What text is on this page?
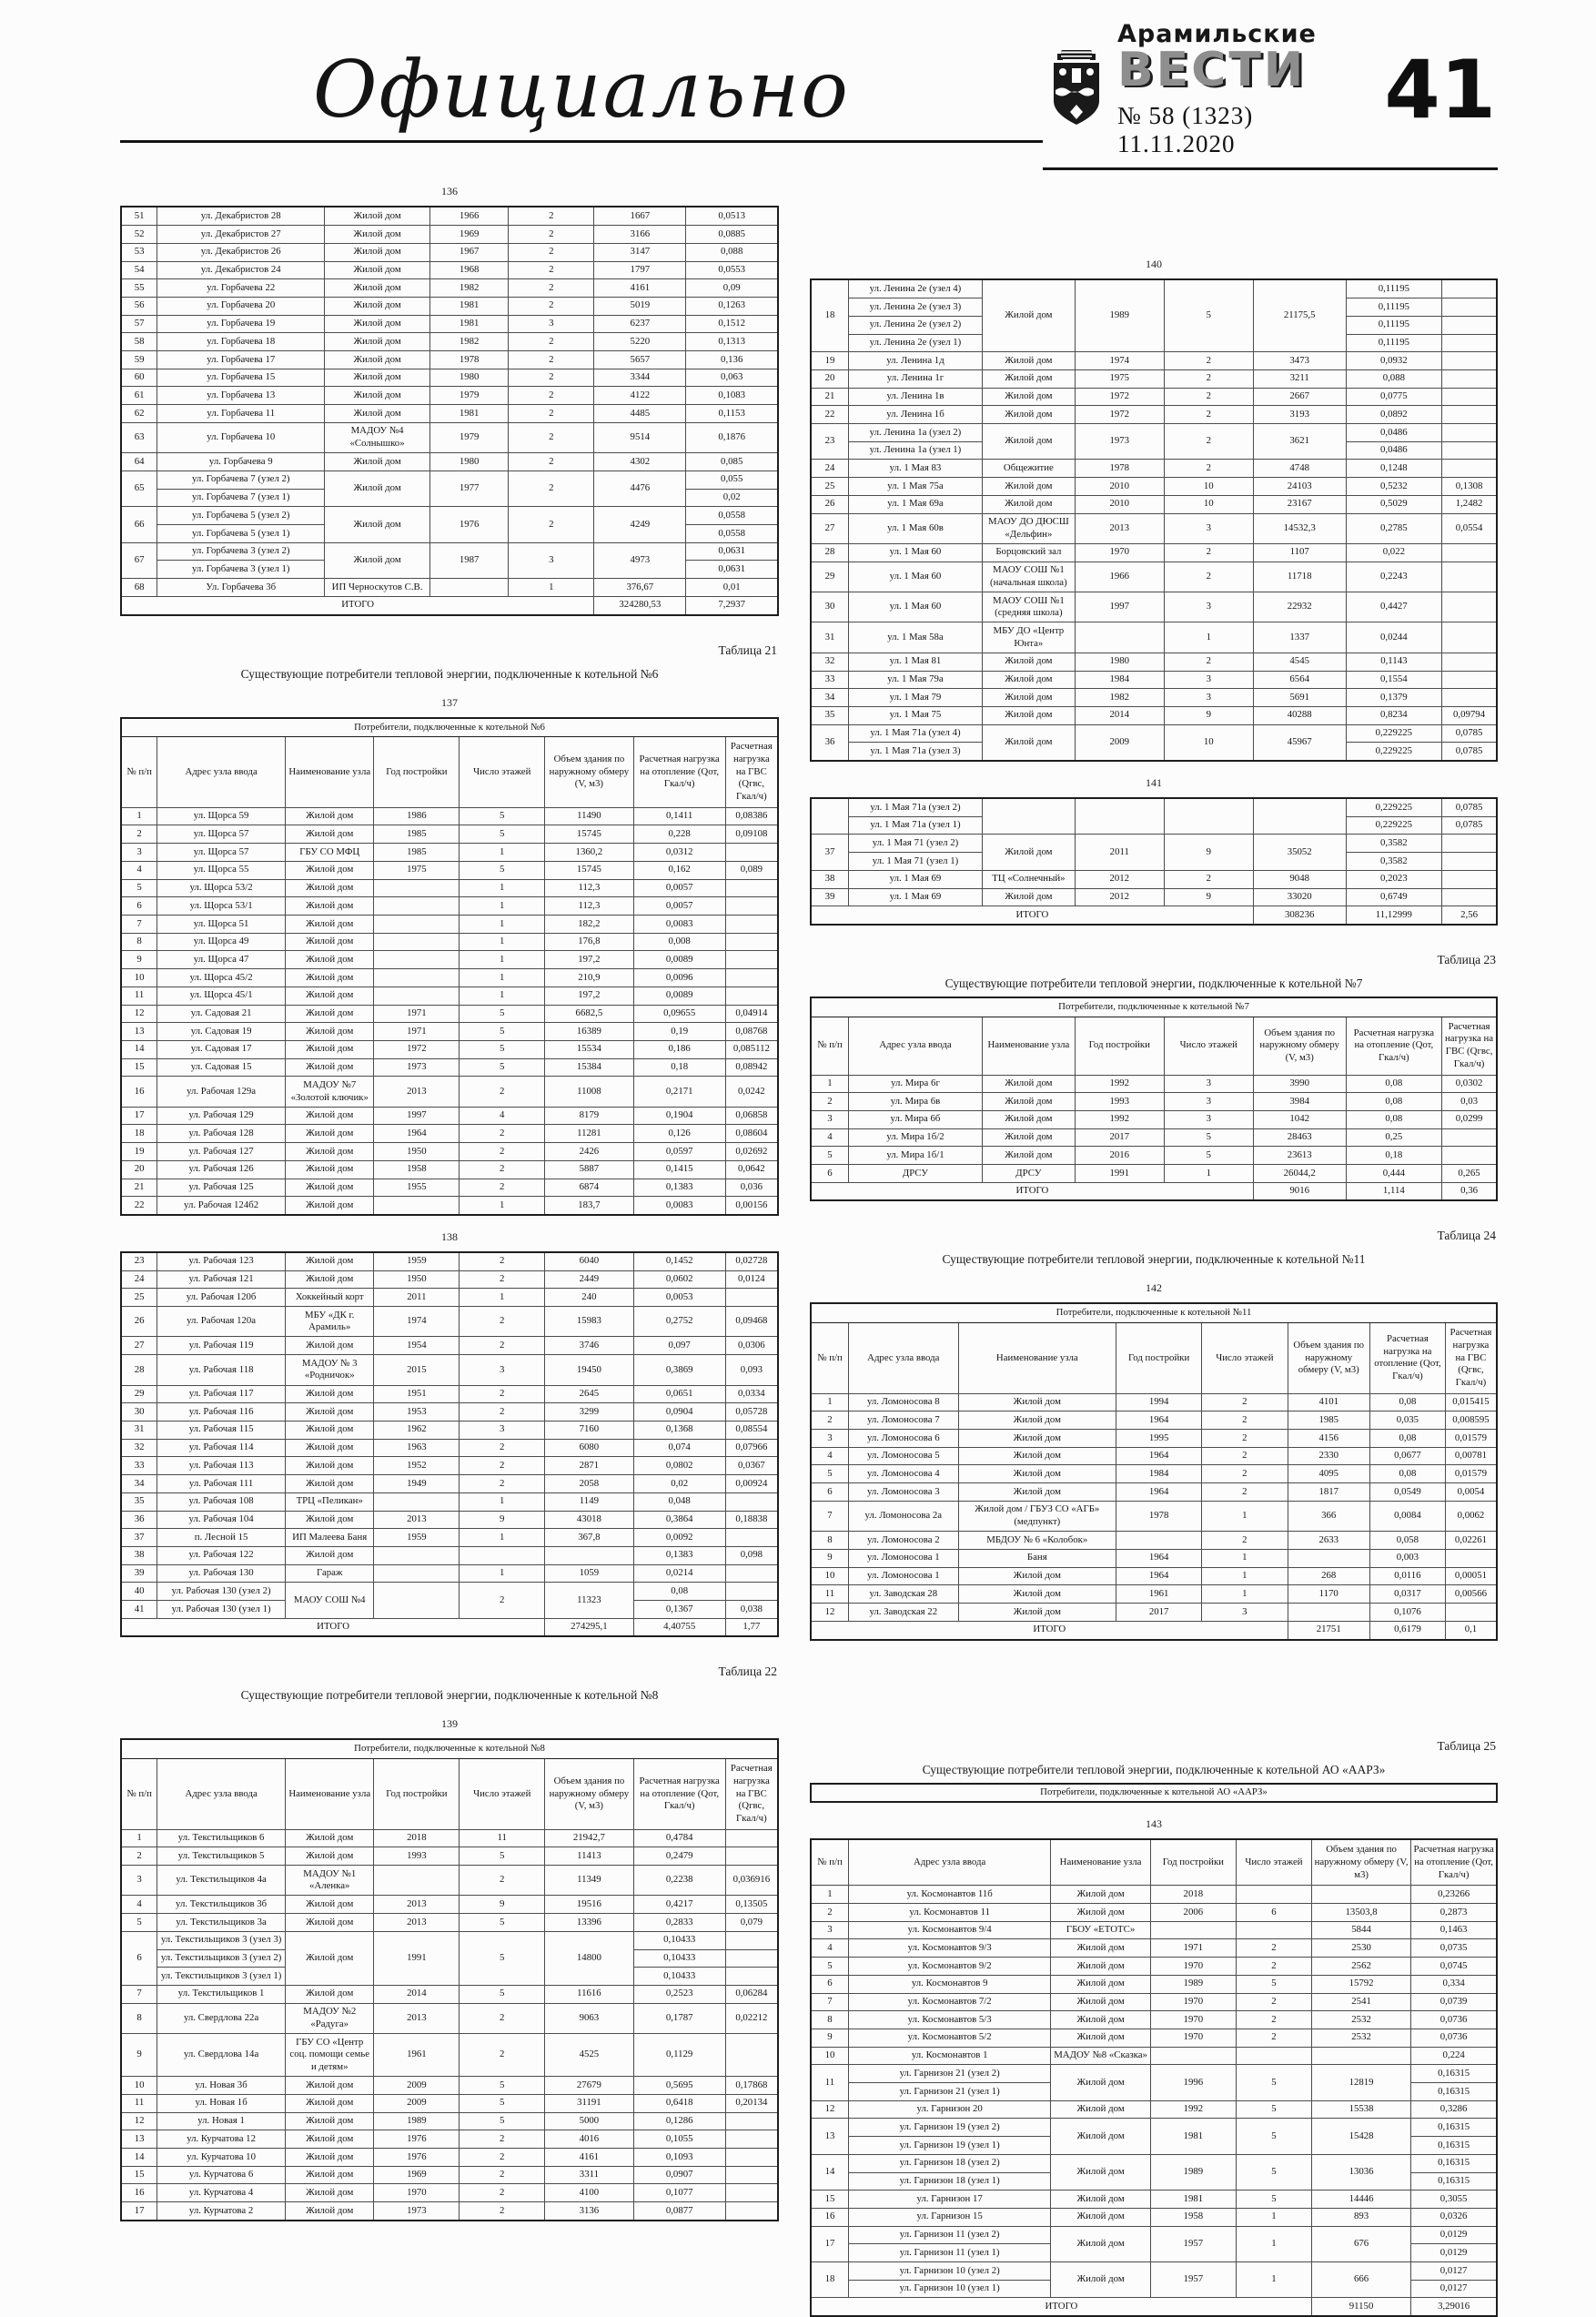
Официально
Арамильские
ВЕСТИ
№ 58 (1323) 11.11.2020
41
136
51	ул. Декабристов 28	Жилой дом	1966	2	1667	0,0513
52	ул. Декабристов 27	Жилой дом	1969	2	3166	0,0885
53	ул. Декабристов 26	Жилой дом	1967	2	3147	0,088
54	ул. Декабристов 24	Жилой дом	1968	2	1797	0,0553
55	ул. Горбачева 22	Жилой дом	1982	2	4161	0,09
56	ул. Горбачева 20	Жилой дом	1981	2	5019	0,1263
57	ул. Горбачева 19	Жилой дом	1981	3	6237	0,1512
58	ул. Горбачева 18	Жилой дом	1982	2	5220	0,1313
59	ул. Горбачева 17	Жилой дом	1978	2	5657	0,136
60	ул. Горбачева 15	Жилой дом	1980	2	3344	0,063
61	ул. Горбачева 13	Жилой дом	1979	2	4122	0,1083
62	ул. Горбачева 11	Жилой дом	1981	2	4485	0,1153
63	ул. Горбачева 10	МАДОУ №4 «Солнышко»	1979	2	9514	0,1876
64	ул. Горбачева 9	Жилой дом	1980	2	4302	0,085
65	ул. Горбачева 7 (узел 2)	Жилой дом	1977	2	4476	0,055
	ул. Горбачева 7 (узел 1)					0,02
66	ул. Горбачева 5 (узел 2)	Жилой дом	1976	2	4249	0,0558
	ул. Горбачева 5 (узел 1)					0,0558
67	ул. Горбачева 3 (узел 2)	Жилой дом	1987	3	4973	0,0631
	ул. Горбачева 3 (узел 1)					0,0631
68	Ул. Горбачева 3б	ИП Черноскутов С.В.		1	376,67	0,01
ИТОГО					324280,53	7,2937
Таблица 21
Существующие потребители тепловой энергии, подключенные к котельной №6
137
Потребители, подключенные к котельной №6							
№ п/п	Адрес узла ввода	Наименование узла	Год постройки	Число этажей	Объем здания по наружному обмеру (V, м3)	Расчетная нагрузка на отопление (Qот, Гкал/ч)	Расчетная нагрузка на ГВС (Qгвс, Гкал/ч)
1	ул. Щорса 59	Жилой дом	1986	5	11490	0,1411	0,08386
2	ул. Щорса 57	Жилой дом	1985	5	15745	0,228	0,09108
3	ул. Щорса 57	ГБУ СО МФЦ	1985	1	1360,2	0,0312	
4	ул. Щорса 55	Жилой дом	1975	5	15745	0,162	0,089
5	ул. Щорса 53/2	Жилой дом		1	112,3	0,0057	
6	ул. Щорса 53/1	Жилой дом		1	112,3	0,0057	
7	ул. Щорса 51	Жилой дом		1	182,2	0,0083	
8	ул. Щорса 49	Жилой дом		1	176,8	0,008	
9	ул. Щорса 47	Жилой дом		1	197,2	0,0089	
10	ул. Щорса 45/2	Жилой дом		1	210,9	0,0096	
11	ул. Щорса 45/1	Жилой дом		1	197,2	0,0089	
12	ул. Садовая 21	Жилой дом	1971	5	6682,5	0,09655	0,04914
13	ул. Садовая 19	Жилой дом	1971	5	16389	0,19	0,08768
14	ул. Садовая 17	Жилой дом	1972	5	15534	0,186	0,085112
15	ул. Садовая 15	Жилой дом	1973	5	15384	0,18	0,08942
16	ул. Рабочая 129а	МАДОУ №7 «Золотой ключик»	2013	2	11008	0,2171	0,0242
17	ул. Рабочая 129	Жилой дом	1997	4	8179	0,1904	0,06858
18	ул. Рабочая 128	Жилой дом	1964	2	11281	0,126	0,08604
19	ул. Рабочая 127	Жилой дом	1950	2	2426	0,0597	0,02692
20	ул. Рабочая 126	Жилой дом	1958	2	5887	0,1415	0,0642
21	ул. Рабочая 125	Жилой дом	1955	2	6874	0,1383	0,036
22	ул. Рабочая 124б2	Жилой дом		1	183,7	0,0083	0,00156
138
23	ул. Рабочая 123	Жилой дом	1959	2	6040	0,1452	0,02728
24	ул. Рабочая 121	Жилой дом	1950	2	2449	0,0602	0,0124
25	ул. Рабочая 120б	Хоккейный корт	2011	1	240	0,0053	
26	ул. Рабочая 120а	МБУ «ДК г. Арамиль»	1974	2	15983	0,2752	0,09468
27	ул. Рабочая 119	Жилой дом	1954	2	3746	0,097	0,0306
28	ул. Рабочая 118	МАДОУ № 3 «Родничок»	2015	3	19450	0,3869	0,093
29	ул. Рабочая 117	Жилой дом	1951	2	2645	0,0651	0,0334
30	ул. Рабочая 116	Жилой дом	1953	2	3299	0,0904	0,05728
31	ул. Рабочая 115	Жилой дом	1962	3	7160	0,1368	0,08554
32	ул. Рабочая 114	Жилой дом	1963	2	6080	0,074	0,07966
33	ул. Рабочая 113	Жилой дом	1952	2	2871	0,0802	0,0367
34	ул. Рабочая 111	Жилой дом	1949	2	2058	0,02	0,00924
35	ул. Рабочая 108	ТРЦ «Пеликан»		1	1149	0,048	
36	ул. Рабочая 104	Жилой дом	2013	9	43018	0,3864	0,18838
37	п. Лесной 15	ИП Малеева Баня	1959	1	367,8	0,0092	
38	ул. Рабочая 122	Жилой дом				0,1383	0,098
39	ул. Рабочая 130	Гараж		1	1059	0,0214	
40	ул. Рабочая 130 (узел 2)	МАОУ СОШ №4		2	11323	0,08	
41	ул. Рабочая 130 (узел 1)					0,1367	0,038
ИТОГО					274295,1	4,40755	1,77
Таблица 22
Существующие потребители тепловой энергии, подключенные к котельной №8
139
Потребители, подключенные к котельной №8							
№ п/п	Адрес узла ввода	Наименование узла	Год постройки	Число этажей	Объем здания по наружному обмеру (V, м3)	Расчетная нагрузка на отопление (Qот, Гкал/ч)	Расчетная нагрузка на ГВС (Qгвс, Гкал/ч)
1	ул. Текстильщиков 6	Жилой дом	2018	11	21942,7	0,4784	
2	ул. Текстильщиков 5	Жилой дом	1993	5	11413	0,2479	
3	ул. Текстильщиков 4а	МАДОУ №1 «Аленка»		2	11349	0,2238	0,036916
4	ул. Текстильщиков 3б	Жилой дом	2013	9	19516	0,4217	0,13505
5	ул. Текстильщиков 3а	Жилой дом	2013	5	13396	0,2833	0,079
6	ул. Текстильщиков 3 (узел 3)	Жилой дом	1991	5	14800	0,10433	
	ул. Текстильщиков 3 (узел 2)					0,10433	
	ул. Текстильщиков 3 (узел 1)					0,10433	
7	ул. Текстильщиков 1	Жилой дом	2014	5	11616	0,2523	0,06284
8	ул. Свердлова 22а	МАДОУ №2 «Радуга»	2013	2	9063	0,1787	0,02212
9	ул. Свердлова 14а	ГБУ СО «Центр соц. помощи семье и детям»	1961	2	4525	0,1129	
10	ул. Новая 3б	Жилой дом	2009	5	27679	0,5695	0,17868
11	ул. Новая 1б	Жилой дом	2009	5	31191	0,6418	0,20134
12	ул. Новая 1	Жилой дом	1989	5	5000	0,1286	
13	ул. Курчатова 12	Жилой дом	1976	2	4016	0,1055	
14	ул. Курчатова 10	Жилой дом	1976	2	4161	0,1093	
15	ул. Курчатова 6	Жилой дом	1969	2	3311	0,0907	
16	ул. Курчатова 4	Жилой дом	1970	2	4100	0,1077	
17	ул. Курчатова 2	Жилой дом	1973	2	3136	0,0877	
140
18	ул. Ленина 2е (узел 4)	Жилой дом	1989	5	21175,5	0,11195	
	ул. Ленина 2е (узел 3)					0,11195	
	ул. Ленина 2е (узел 2)					0,11195	
	ул. Ленина 2е (узел 1)					0,11195	
19	ул. Ленина 1д	Жилой дом	1974	2	3473	0,0932	
20	ул. Ленина 1г	Жилой дом	1975	2	3211	0,088	
21	ул. Ленина 1в	Жилой дом	1972	2	2667	0,0775	
22	ул. Ленина 1б	Жилой дом	1972	2	3193	0,0892	
23	ул. Ленина 1а (узел 2)	Жилой дом	1973	2	3621	0,0486	
	ул. Ленина 1а (узел 1)					0,0486	
24	ул. 1 Мая 83	Общежитие	1978	2	4748	0,1248	
25	ул. 1 Мая 75а	Жилой дом	2010	10	24103	0,5232	0,1308
26	ул. 1 Мая 69а	Жилой дом	2010	10	23167	0,5029	1,2482
27	ул. 1 Мая 60в	МАОУ ДО ДЮСШ «Дельфин»	2013	3	14532,3	0,2785	0,0554
28	ул. 1 Мая 60	Борцовский зал	1970	2	1107	0,022	
29	ул. 1 Мая 60	МАОУ СОШ №1 (начальная школа)	1966	2	11718	0,2243	
30	ул. 1 Мая 60	МАОУ СОШ №1 (средняя школа)	1997	3	22932	0,4427	
31	ул. 1 Мая 58а	МБУ ДО «Центр Юнта»		1	1337	0,0244	
32	ул. 1 Мая 81	Жилой дом	1980	2	4545	0,1143	
33	ул. 1 Мая 79а	Жилой дом	1984	3	6564	0,1554	
34	ул. 1 Мая 79	Жилой дом	1982	3	5691	0,1379	
35	ул. 1 Мая 75	Жилой дом	2014	9	40288	0,8234	0,09794
36	ул. 1 Мая 71а (узел 4)	Жилой дом	2009	10	45967	0,229225	0,0785
	ул. 1 Мая 71а (узел 3)					0,229225	0,0785
141
	ул. 1 Мая 71а (узел 2)					0,229225	0,0785
	ул. 1 Мая 71а (узел 1)					0,229225	0,0785
37	ул. 1 Мая 71 (узел 2)	Жилой дом	2011	9	35052	0,3582	
	ул. 1 Мая 71 (узел 1)					0,3582	
38	ул. 1 Мая 69	ТЦ «Солнечный»	2012	2	9048	0,2023	
39	ул. 1 Мая 69	Жилой дом	2012	9	33020	0,6749	
ИТОГО					308236	11,12999	2,56
Таблица 23
Существующие потребители тепловой энергии, подключенные к котельной №7
Потребители, подключенные к котельной №7							
№ п/п	Адрес узла ввода	Наименование узла	Год постройки	Число этажей	Объем здания по наружному обмеру (V, м3)	Расчетная нагрузка на отопление (Qот, Гкал/ч)	Расчетная нагрузка на ГВС (Qгвс, Гкал/ч)
1	ул. Мира 6г	Жилой дом	1992	3	3990	0,08	0,0302
2	ул. Мира 6в	Жилой дом	1993	3	3984	0,08	0,03
3	ул. Мира 6б	Жилой дом	1992	3	1042	0,08	0,0299
4	ул. Мира 1б/2	Жилой дом	2017	5	28463	0,25	
5	ул. Мира 1б/1	Жилой дом	2016	5	23613	0,18	
6	ДРСУ	ДРСУ	1991	1	26044,2	0,444	0,265
ИТОГО					9016	1,114	0,36
Таблица 24
Существующие потребители тепловой энергии, подключенные к котельной №11
142
Потребители, подключенные к котельной №11							
№ п/п	Адрес узла ввода	Наименование узла	Год постройки	Число этажей	Объем здания по наружному обмеру (V, м3)	Расчетная нагрузка на отопление (Qот, Гкал/ч)	Расчетная нагрузка на ГВС (Qгвс, Гкал/ч)
1	ул. Ломоносова 8	Жилой дом	1994	2	4101	0,08	0,015415
2	ул. Ломоносова 7	Жилой дом	1964	2	1985	0,035	0,008595
3	ул. Ломоносова 6	Жилой дом	1995	2	4156	0,08	0,01579
4	ул. Ломоносова 5	Жилой дом	1964	2	2330	0,0677	0,00781
5	ул. Ломоносова 4	Жилой дом	1984	2	4095	0,08	0,01579
6	ул. Ломоносова 3	Жилой дом	1964	2	1817	0,0549	0,0054
7	ул. Ломоносова 2а	Жилой дом / ГБУЗ СО «АГБ» (медпункт)	1978	1	366	0,0084	0,0062
8	ул. Ломоносова 2	МБДОУ № 6 «Колобок»		2	2633	0,058	0,02261
9	ул. Ломоносова 1	Баня	1964	1		0,003	
10	ул. Ломоносова 1	Жилой дом	1964	1	268	0,0116	0,00051
11	ул. Заводская 28	Жилой дом	1961	1	1170	0,0317	0,00566
12	ул. Заводская 22	Жилой дом	2017	3		0,1076	
ИТОГО					21751	0,6179	0,1
Таблица 25
Существующие потребители тепловой энергии, подключенные к котельной АО «ААРЗ»
Потребители, подключенные к котельной АО «ААРЗ»
143
№ п/п	Адрес узла ввода	Наименование узла	Год постройки	Число этажей	Объем здания по наружному обмеру (V, м3)	Расчетная нагрузка на отопление (Qот, Гкал/ч)
1	ул. Космонавтов 11б	Жилой дом	2018			0,23266
2	ул. Космонавтов 11	Жилой дом	2006	6	13503,8	0,2873
3	ул. Космонавтов 9/4	ГБОУ «ЕТОТС»			5844	0,1463
4	ул. Космонавтов 9/3	Жилой дом	1971	2	2530	0,0735
5	ул. Космонавтов 9/2	Жилой дом	1970	2	2562	0,0745
6	ул. Космонавтов 9	Жилой дом	1989	5	15792	0,334
7	ул. Космонавтов 7/2	Жилой дом	1970	2	2541	0,0739
8	ул. Космонавтов 5/3	Жилой дом	1970	2	2532	0,0736
9	ул. Космонавтов 5/2	Жилой дом	1970	2	2532	0,0736
10	ул. Космонавтов 1	МАДОУ №8 «Сказка»				0,224
11	ул. Гарнизон 21 (узел 2)	Жилой дом	1996	5	12819	0,16315
	ул. Гарнизон 21 (узел 1)					0,16315
12	ул. Гарнизон 20	Жилой дом	1992	5	15538	0,3286
13	ул. Гарнизон 19 (узел 2)	Жилой дом	1981	5	15428	0,16315
	ул. Гарнизон 19 (узел 1)					0,16315
14	ул. Гарнизон 18 (узел 2)	Жилой дом	1989	5	13036	0,16315
	ул. Гарнизон 18 (узел 1)					0,16315
15	ул. Гарнизон 17	Жилой дом	1981	5	14446	0,3055
16	ул. Гарнизон 15	Жилой дом	1958	1	893	0,0326
17	ул. Гарнизон 11 (узел 2)	Жилой дом	1957	1	676	0,0129
	ул. Гарнизон 11 (узел 1)					0,0129
18	ул. Гарнизон 10 (узел 2)	Жилой дом	1957	1	666	0,0127
	ул. Гарнизон 10 (узел 1)					0,0127
ИТОГО					91150	3,29016
